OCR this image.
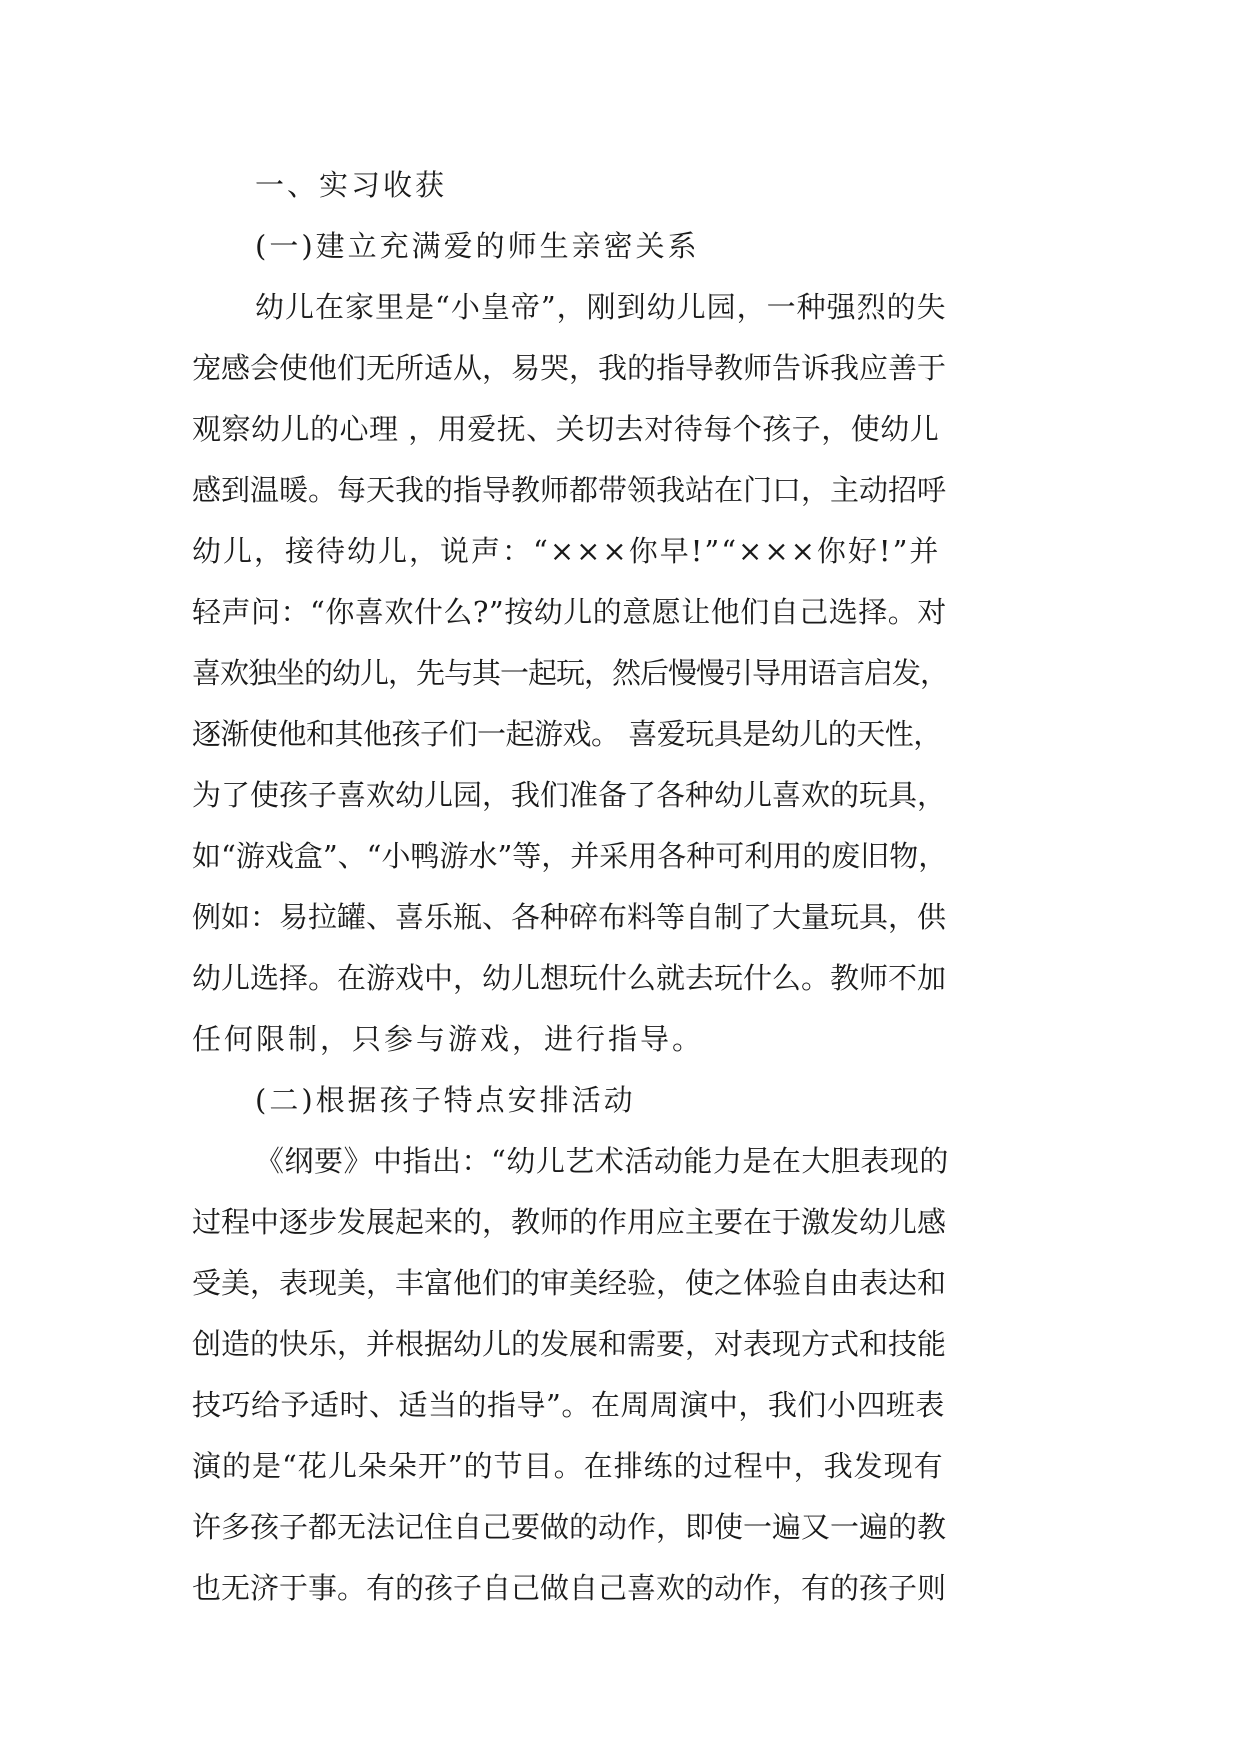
一、实习收获
(一)建立充满爱的师生亲密关系
幼儿在家里是“小皇帝”，刚到幼儿园，一种强烈的失
宠感会使他们无所适从，易哭，我的指导教师告诉我应善于
观察幼儿的心理 ，用爱抚、关切去对待每个孩子，使幼儿
感到温暖。每天我的指导教师都带领我站在门口，主动招呼
幼儿，接待幼儿，说声：“×××你早!”“×××你好!”并
轻声问：“你喜欢什么?”按幼儿的意愿让他们自己选择。对
喜欢独坐的幼儿，先与其一起玩，然后慢慢引导用语言启发，
逐渐使他和其他孩子们一起游戏。 喜爱玩具是幼儿的天性，
为了使孩子喜欢幼儿园，我们准备了各种幼儿喜欢的玩具，
如“游戏盒”、“小鸭游水”等，并采用各种可利用的废旧物，
例如：易拉罐、喜乐瓶、各种碎布料等自制了大量玩具，供
幼儿选择。在游戏中，幼儿想玩什么就去玩什么。教师不加
任何限制，只参与游戏，进行指导。
(二)根据孩子特点安排活动
《纲要》中指出：“幼儿艺术活动能力是在大胆表现的
过程中逐步发展起来的，教师的作用应主要在于激发幼儿感
受美，表现美，丰富他们的审美经验，使之体验自由表达和
创造的快乐，并根据幼儿的发展和需要，对表现方式和技能
技巧给予适时、适当的指导”。在周周演中，我们小四班表
演的是“花儿朵朵开”的节目。在排练的过程中，我发现有
许多孩子都无法记住自己要做的动作，即使一遍又一遍的教
也无济于事。有的孩子自己做自己喜欢的动作，有的孩子则
